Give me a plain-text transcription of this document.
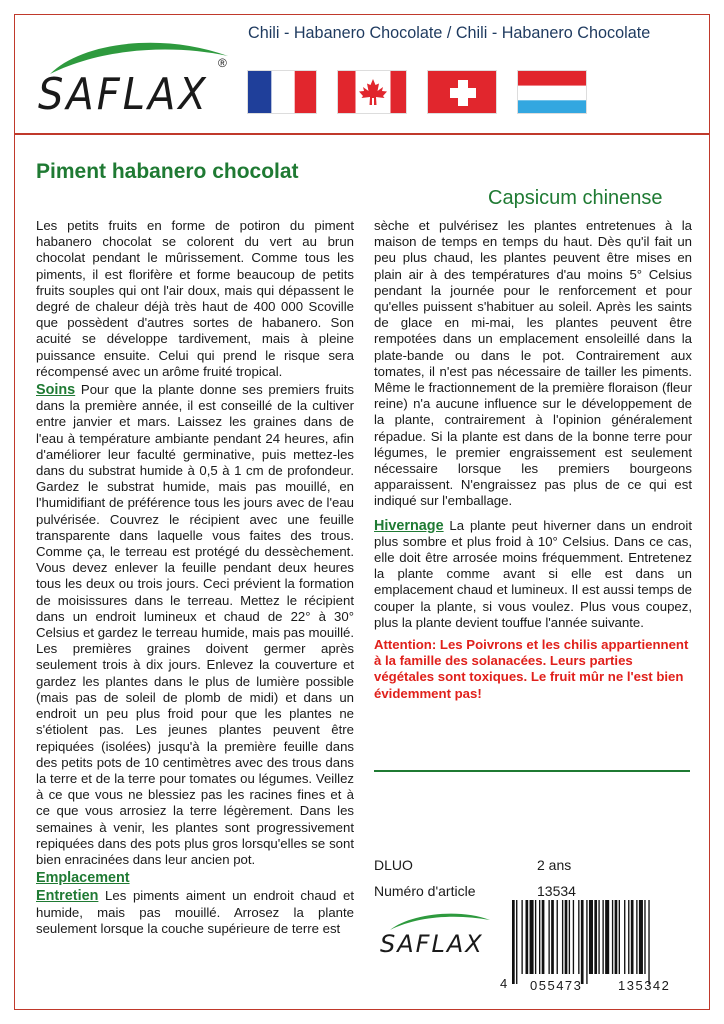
SAFLAX
®
Chili - Habanero Chocolate / Chili - Habanero Chocolate
Piment habanero chocolat
Capsicum chinense

Les petits fruits en forme de potiron du piment habanero chocolat se colorent du vert au brun chocolat pendant le mûrissement. Comme tous les piments, il est florifère et forme beaucoup de petits fruits souples qui ont l'air doux, mais qui dépassent le degré de chaleur déjà très haut de 400 000 Scoville que possèdent d'autres sortes de habanero. Son acuité se développe tardivement, mais à pleine puissance ensuite. Celui qui prend le risque sera récompensé avec un arôme fruité tropical.

Soins Pour que la plante donne ses premiers fruits dans la première année, il est conseillé de la cultiver entre janvier et mars. Laissez les graines dans de l'eau à température ambiante pendant 24 heures, afin d'améliorer leur faculté germinative, puis mettez-les dans du substrat humide à 0,5 à 1 cm de profondeur. Gardez le substrat humide, mais pas mouillé, en l'humidifiant de préférence tous les jours avec de l'eau pulvérisée. Couvrez le récipient avec une feuille transparente dans laquelle vous faites des trous. Comme ça, le terreau est protégé du dessèchement. Vous devez enlever la feuille pendant deux heures tous les deux ou trois jours. Ceci prévient la formation de moisissures dans le terreau. Mettez le récipient dans un endroit lumineux et chaud de 22° à 30° Celsius et gardez le terreau humide, mais pas mouillé. Les premières graines doivent germer après seulement trois à dix jours. Enlevez la couverture et gardez les plantes dans le plus de lumière possible (mais pas de soleil de plomb de midi) et dans un endroit un peu plus froid pour que les plantes ne s'étiolent pas. Les jeunes plantes peuvent être repiquées (isolées) jusqu'à la première feuille dans des petits pots de 10 centimètres avec des trous dans la terre et de la terre pour tomates ou légumes. Veillez à ce que vous ne blessiez pas les racines fines et à ce que vous arrosiez la terre légèrement. Dans les semaines à venir, les plantes sont progressivement repiquées dans des pots plus gros lorsqu'elles se sont bien enracinées dans leur ancien pot.

Emplacement

Entretien Les piments aiment un endroit chaud et humide, mais pas mouillé. Arrosez la plante seulement lorsque la couche supérieure de terre est

sèche et pulvérisez les plantes entretenues à la maison de temps en temps du haut. Dès qu'il fait un peu plus chaud, les plantes peuvent être mises en plain air à des températures d'au moins 5° Celsius pendant la journée pour le renforcement et pour qu'elles puissent s'habituer au soleil. Après les saints de glace en mi-mai, les plantes peuvent être rempotées dans un emplacement ensoleillé dans la plate-bande ou dans le pot. Contrairement aux tomates, il n'est pas nécessaire de tailler les piments. Même le fractionnement de la première floraison (fleur reine) n'a aucune influence sur le développement de la plante, contrairement à l'opinion généralement répadue. Si la plante est dans de la bonne terre pour légumes, le premier engraissement est seulement nécessaire lorsque les premiers bourgeons apparaissent. N'engraissez pas plus de ce qui est indiqué sur l'emballage.

Hivernage La plante peut hiverner dans un endroit plus sombre et plus froid à 10° Celsius. Dans ce cas, elle doit être arrosée moins fréquemment. Entretenez la plante comme avant si elle est dans un emplacement chaud et lumineux. Il est aussi temps de couper la plante, si vous voulez. Plus vous coupez, plus la plante devient touffue l'année suivante.

Attention: Les Poivrons et les chilis appartiennent à la famille des solanacées. Leurs parties végétales sont toxiques. Le fruit mûr ne l'est bien évidemment pas!

DLUO	2 ans
Numéro d'article	13534
SAFLAX
4 055473	135342
